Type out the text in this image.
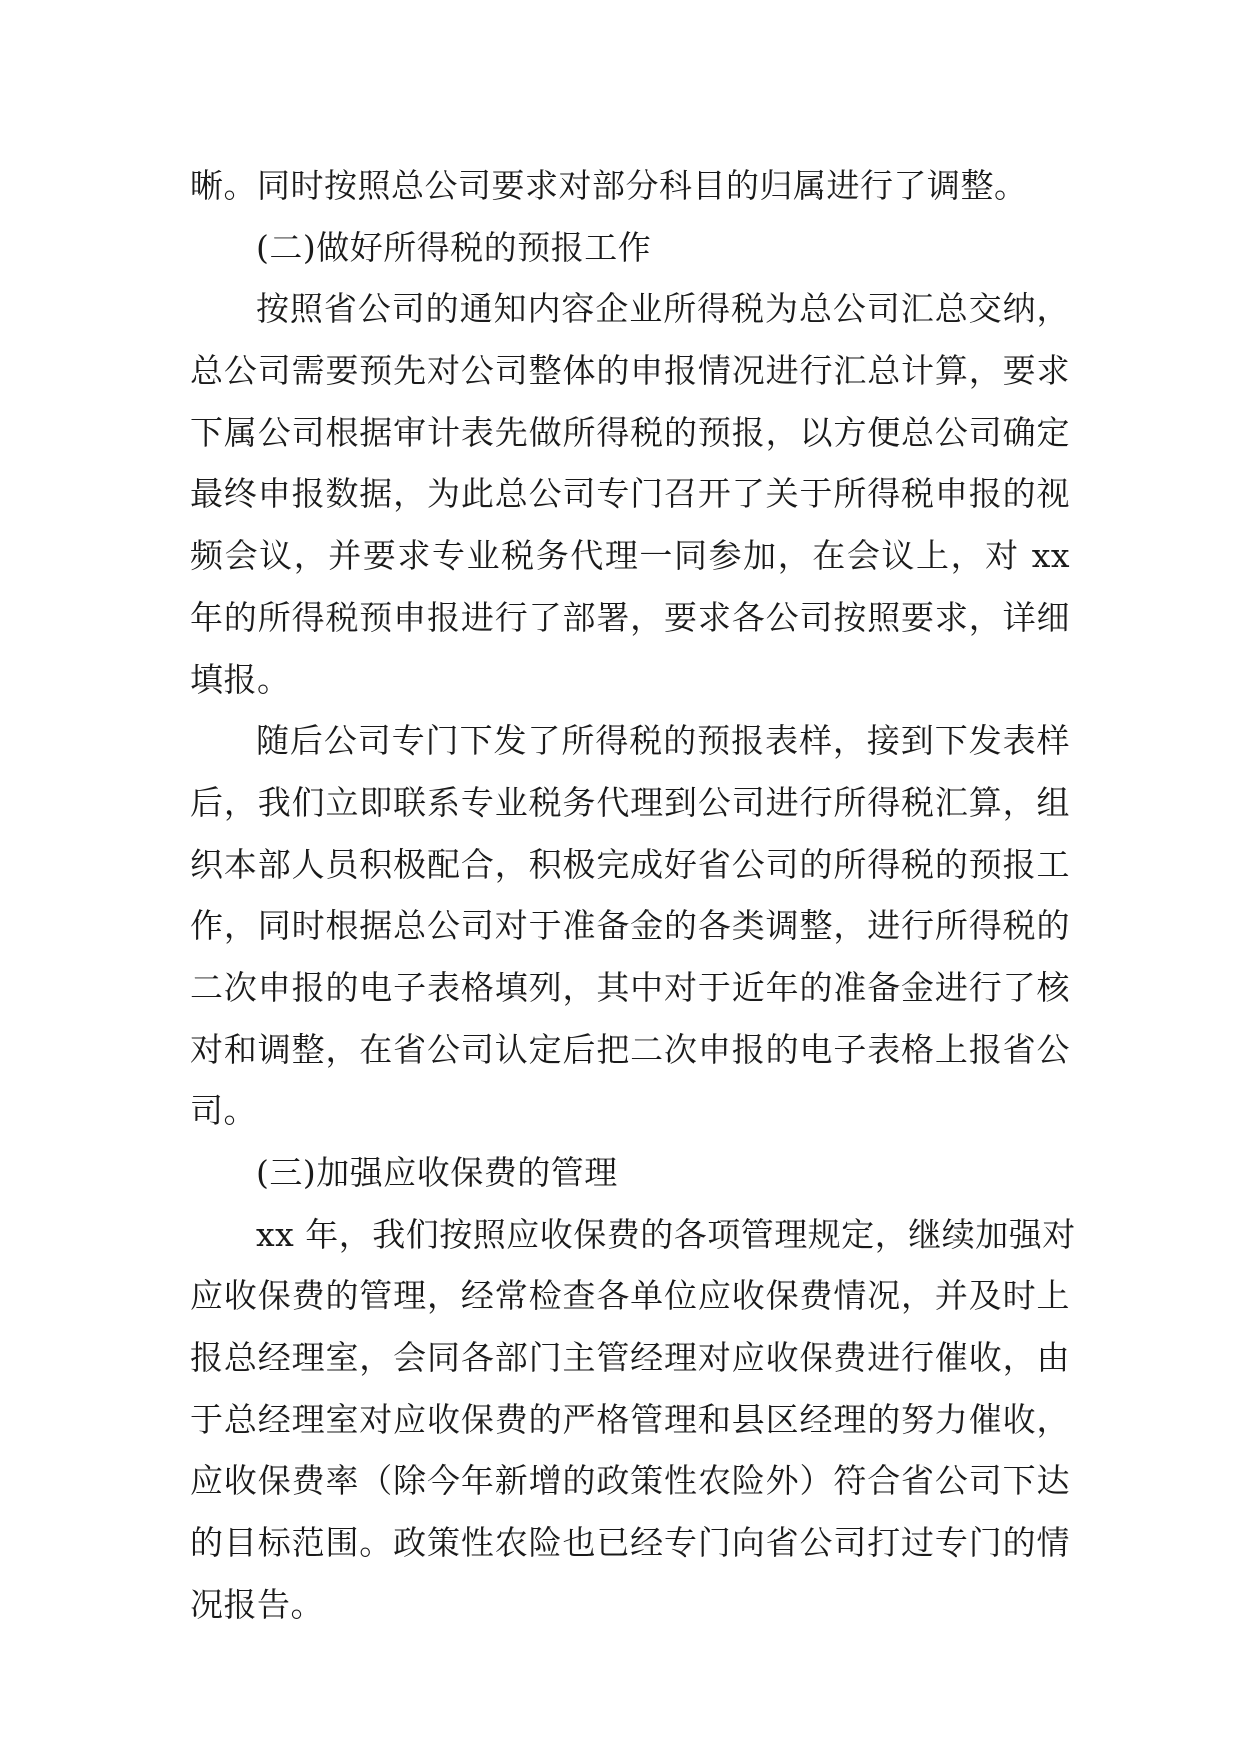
晰。同时按照总公司要求对部分科目的归属进行了调整。
(二)做好所得税的预报工作
按照省公司的通知内容企业所得税为总公司汇总交纳，
总公司需要预先对公司整体的申报情况进行汇总计算，要求
下属公司根据审计表先做所得税的预报，以方便总公司确定
最终申报数据，为此总公司专门召开了关于所得税申报的视
频会议，并要求专业税务代理一同参加，在会议上，对 xx
年的所得税预申报进行了部署，要求各公司按照要求，详细
填报。
随后公司专门下发了所得税的预报表样，接到下发表样
后，我们立即联系专业税务代理到公司进行所得税汇算，组
织本部人员积极配合，积极完成好省公司的所得税的预报工
作，同时根据总公司对于准备金的各类调整，进行所得税的
二次申报的电子表格填列，其中对于近年的准备金进行了核
对和调整，在省公司认定后把二次申报的电子表格上报省公
司。
(三)加强应收保费的管理
xx 年，我们按照应收保费的各项管理规定，继续加强对
应收保费的管理，经常检查各单位应收保费情况，并及时上
报总经理室，会同各部门主管经理对应收保费进行催收，由
于总经理室对应收保费的严格管理和县区经理的努力催收，
应收保费率（除今年新增的政策性农险外）符合省公司下达
的目标范围。政策性农险也已经专门向省公司打过专门的情
况报告。
